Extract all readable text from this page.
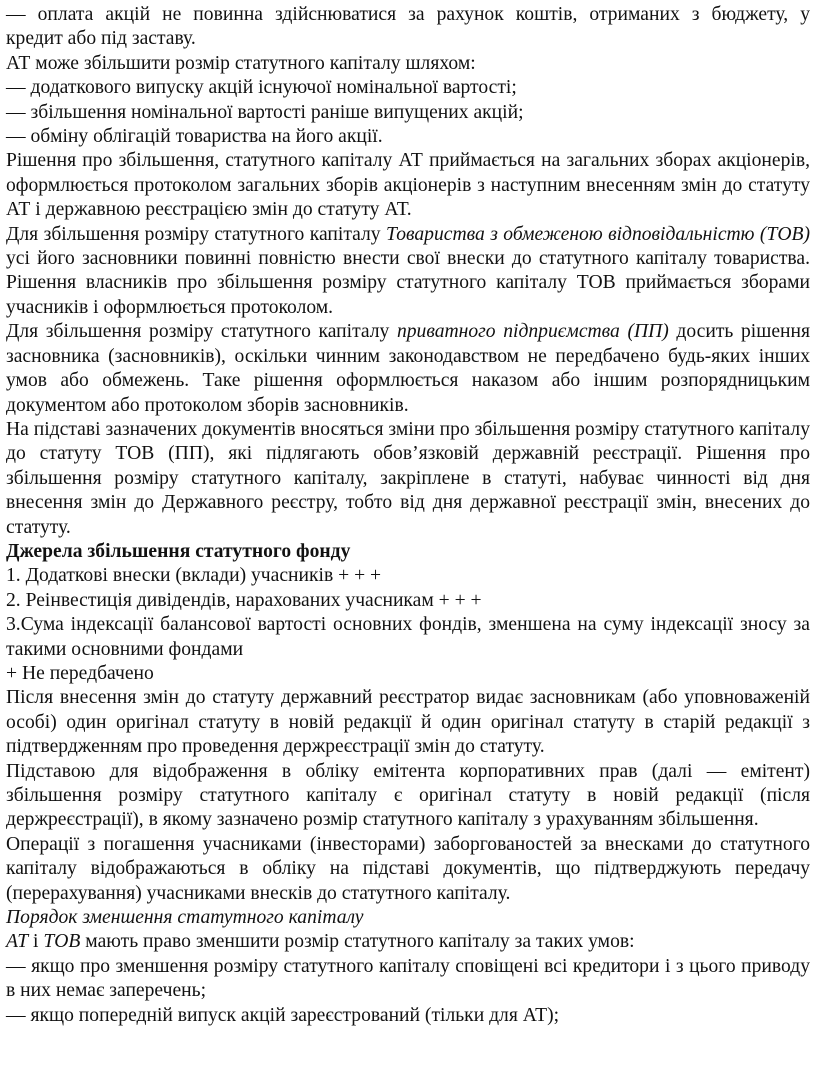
— оплата акцій не повинна здійснюватися за рахунок коштів, отриманих з бюджету, у

кредит або під заставу.

АТ може збільшити розмір статутного капіталу шляхом:

— додаткового випуску акцій існуючої номінальної вартості;

— збільшення номінальної вартості раніше випущених акцій;

— обміну облігацій товариства на його акції.

Рішення про збільшення, статутного капіталу АТ приймається на загальних зборах акціонерів, оформлюється протоколом загальних зборів акціонерів з наступним внесенням змін до статуту АТ і державною реєстрацією змін до статуту АТ.

Для збільшення розміру статутного капіталу Товариства з обмеженою відповідальністю (ТОВ) усі його засновники повинні повністю внести свої внески до статутного капіталу товариства. Рішення власників про збільшення розміру статутного капіталу ТОВ приймається зборами учасників і оформлюється протоколом.

Для збільшення розміру статутного капіталу приватного підприємства (ПП) досить рішення засновника (засновників), оскільки чинним законодавством не передбачено будь-яких інших умов або обмежень. Таке рішення оформлюється наказом або іншим розпорядницьким документом або протоколом зборів засновників.

На підставі зазначених документів вносяться зміни про збільшення розміру статутного капіталу до статуту ТОВ (ПП), які підлягають обов’язковій державній реєстрації. Рішення про збільшення розміру статутного капіталу, закріплене в статуті, набуває чинності від дня внесення змін до Державного реєстру, тобто від дня державної реєстрації змін, внесених до статуту.

Джерела збільшення статутного фонду

1. Додаткові внески (вклади) учасників + + +

2. Реінвестиція дивідендів, нарахованих учасникам + + +

3.Сума індексації балансової вартості основних фондів, зменшена на суму індексації зносу за такими основними фондами

+ Не передбачено

Після внесення змін до статуту державний реєстратор видає засновникам (або уповноваженій особі) один оригінал статуту в новій редакції й один оригінал статуту в старій редакції з підтвердженням про проведення держреєстрації змін до статуту.

Підставою для відображення в обліку емітента корпоративних прав (далі — емітент) збільшення розміру статутного капіталу є оригінал статуту в новій редакції (після держреєстрації), в якому зазначено розмір статутного капіталу з урахуванням збільшення.

Операції з погашення учасниками (інвесторами) заборгованостей за внесками до статутного капіталу відображаються в обліку на підставі документів, що підтверджують передачу (перерахування) учасниками внесків до статутного капіталу.

Порядок зменшення статутного капіталу

АТ і ТОВ мають право зменшити розмір статутного капіталу за таких умов:

— якщо про зменшення розміру статутного капіталу сповіщені всі кредитори і з цього приводу в них немає заперечень;

— якщо попередній випуск акцій зареєстрований (тільки для АТ);
